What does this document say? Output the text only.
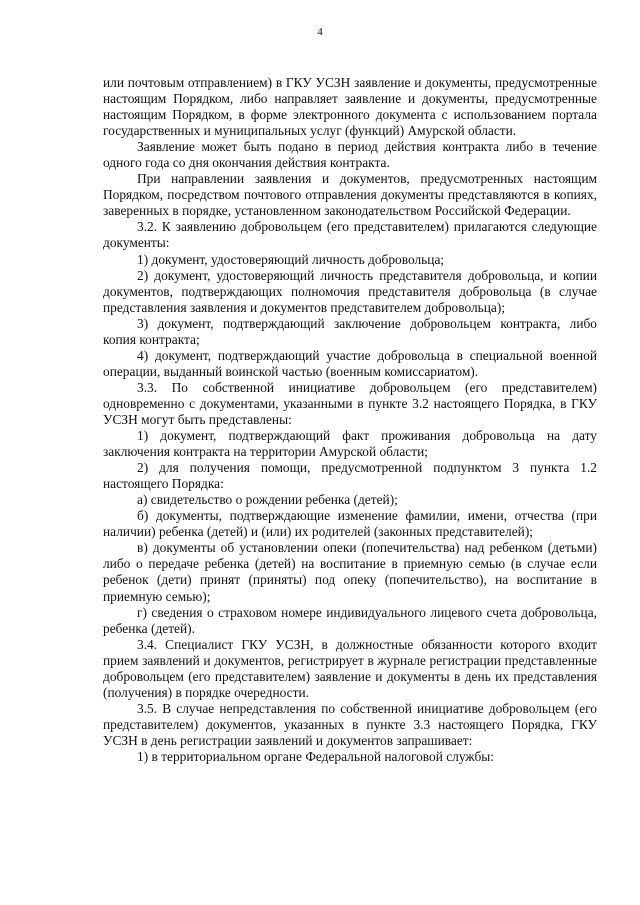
4

или почтовым отправлением) в ГКУ УСЗН заявление и документы, предусмотренные настоящим Порядком, либо направляет заявление и документы, предусмотренные настоящим Порядком, в форме электронного документа с использованием портала государственных и муниципальных услуг (функций) Амурской области.

Заявление может быть подано в период действия контракта либо в течение одного года со дня окончания действия контракта.

При направлении заявления и документов, предусмотренных настоящим Порядком, посредством почтового отправления документы представляются в копиях, заверенных в порядке, установленном законодательством Российской Федерации.

3.2. К заявлению добровольцем (его представителем) прилагаются следующие документы:

1) документ, удостоверяющий личность добровольца;

2) документ, удостоверяющий личность представителя добровольца, и копии документов, подтверждающих полномочия представителя добровольца (в случае представления заявления и документов представителем добровольца);

3) документ, подтверждающий заключение добровольцем контракта, либо копия контракта;

4) документ, подтверждающий участие добровольца в специальной военной операции, выданный воинской частью (военным комиссариатом).

3.3. По собственной инициативе добровольцем (его представителем) одновременно с документами, указанными в пункте 3.2 настоящего Порядка, в ГКУ УСЗН могут быть представлены:

1) документ, подтверждающий факт проживания добровольца на дату заключения контракта на территории Амурской области;

2) для получения помощи, предусмотренной подпунктом 3 пункта 1.2 настоящего Порядка:

а) свидетельство о рождении ребенка (детей);

б) документы, подтверждающие изменение фамилии, имени, отчества (при наличии) ребенка (детей) и (или) их родителей (законных представителей);

в) документы об установлении опеки (попечительства) над ребенком (детьми) либо о передаче ребенка (детей) на воспитание в приемную семью (в случае если ребенок (дети) принят (приняты) под опеку (попечительство), на воспитание в приемную семью);

г) сведения о страховом номере индивидуального лицевого счета добровольца, ребенка (детей).

3.4. Специалист ГКУ УСЗН, в должностные обязанности которого входит прием заявлений и документов, регистрирует в журнале регистрации представленные добровольцем (его представителем) заявление и документы в день их представления (получения) в порядке очередности.

3.5. В случае непредставления по собственной инициативе добровольцем (его представителем) документов, указанных в пункте 3.3 настоящего Порядка, ГКУ УСЗН в день регистрации заявлений и документов запрашивает:

1) в территориальном органе Федеральной налоговой службы:
